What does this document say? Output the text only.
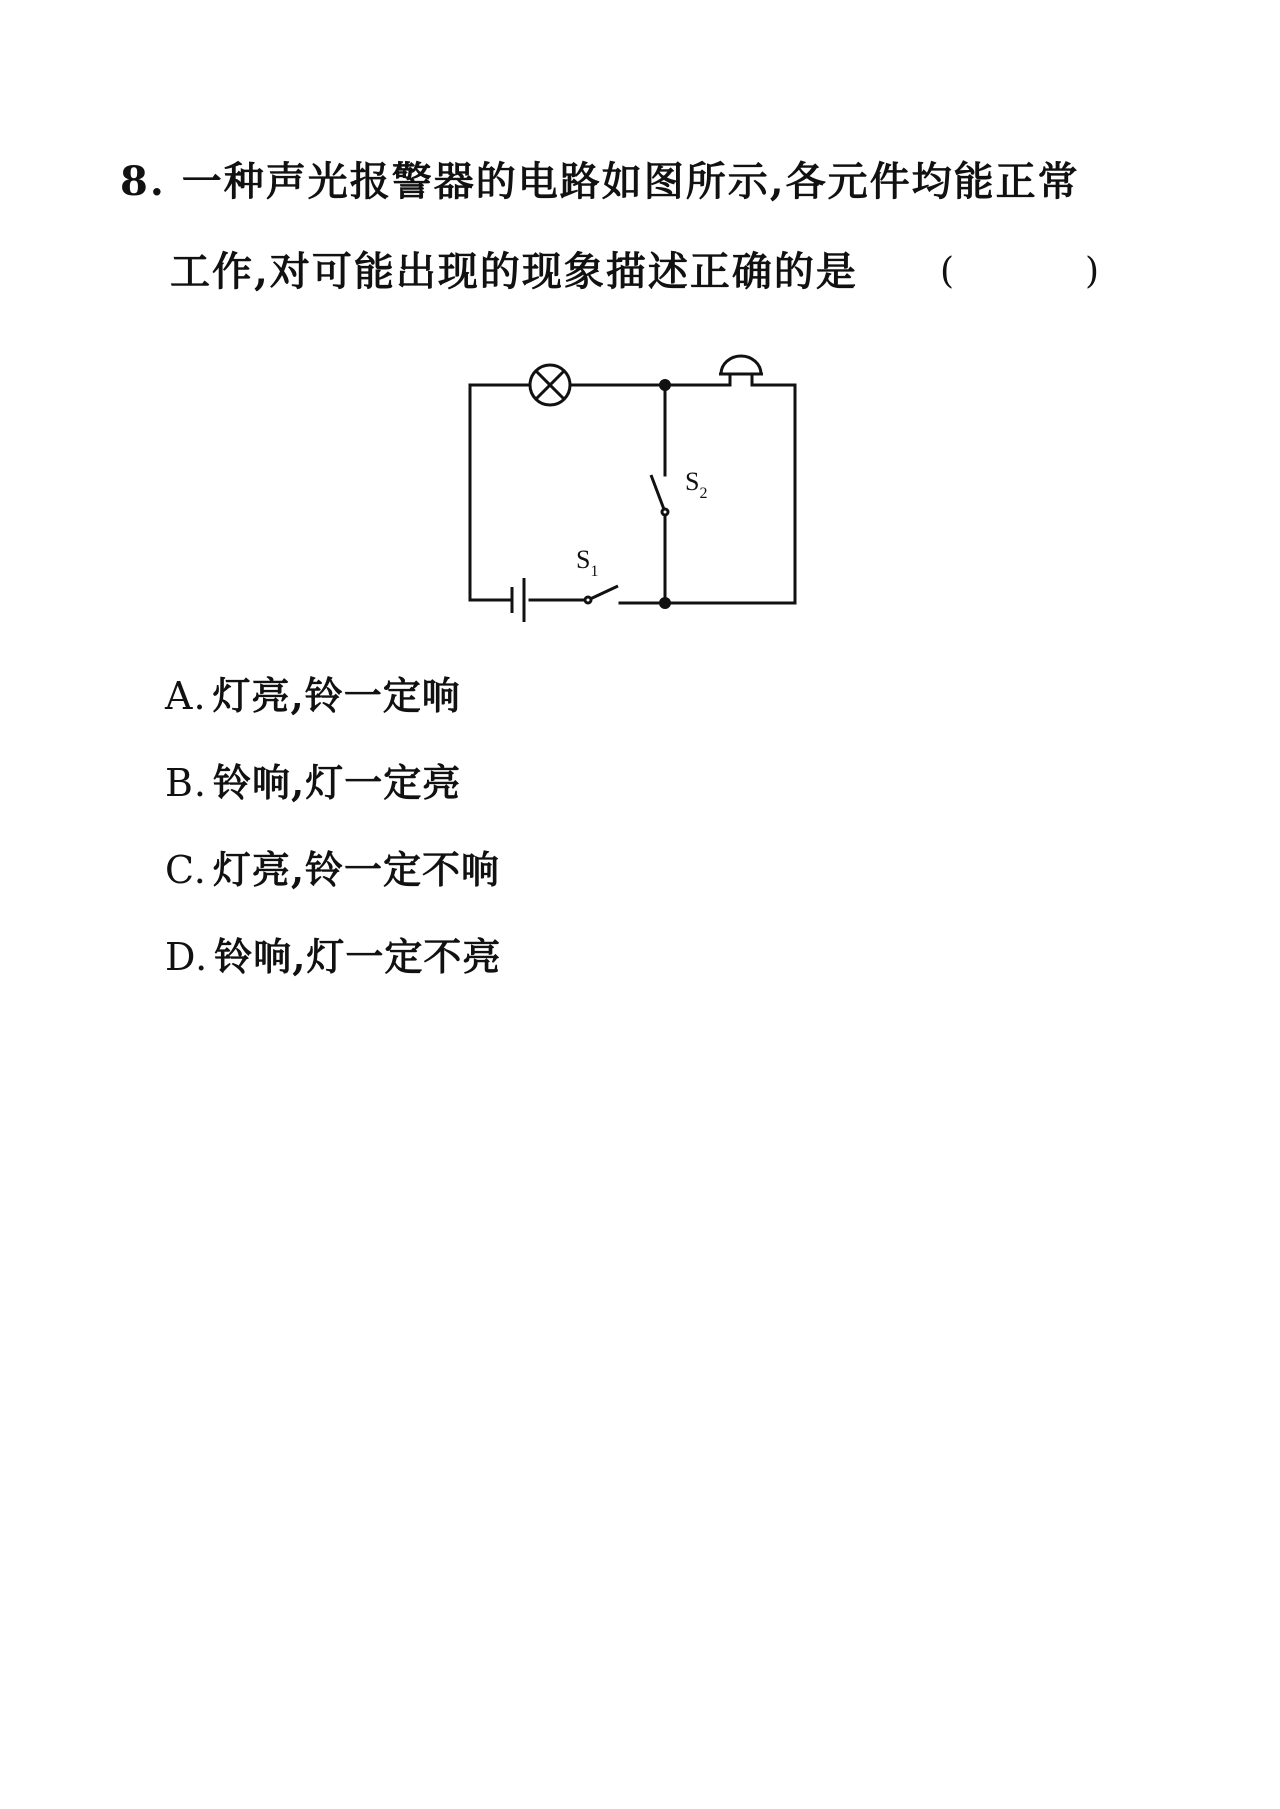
8. 一种声光报警器的电路如图所示,各元件均能正常
工作,对可能出现的现象描述正确的是 (	)
$S_1$
$S_2$
A. 灯亮,铃一定响
B. 铃响,灯一定亮
C. 灯亮,铃一定不响
D. 铃响,灯一定不亮
